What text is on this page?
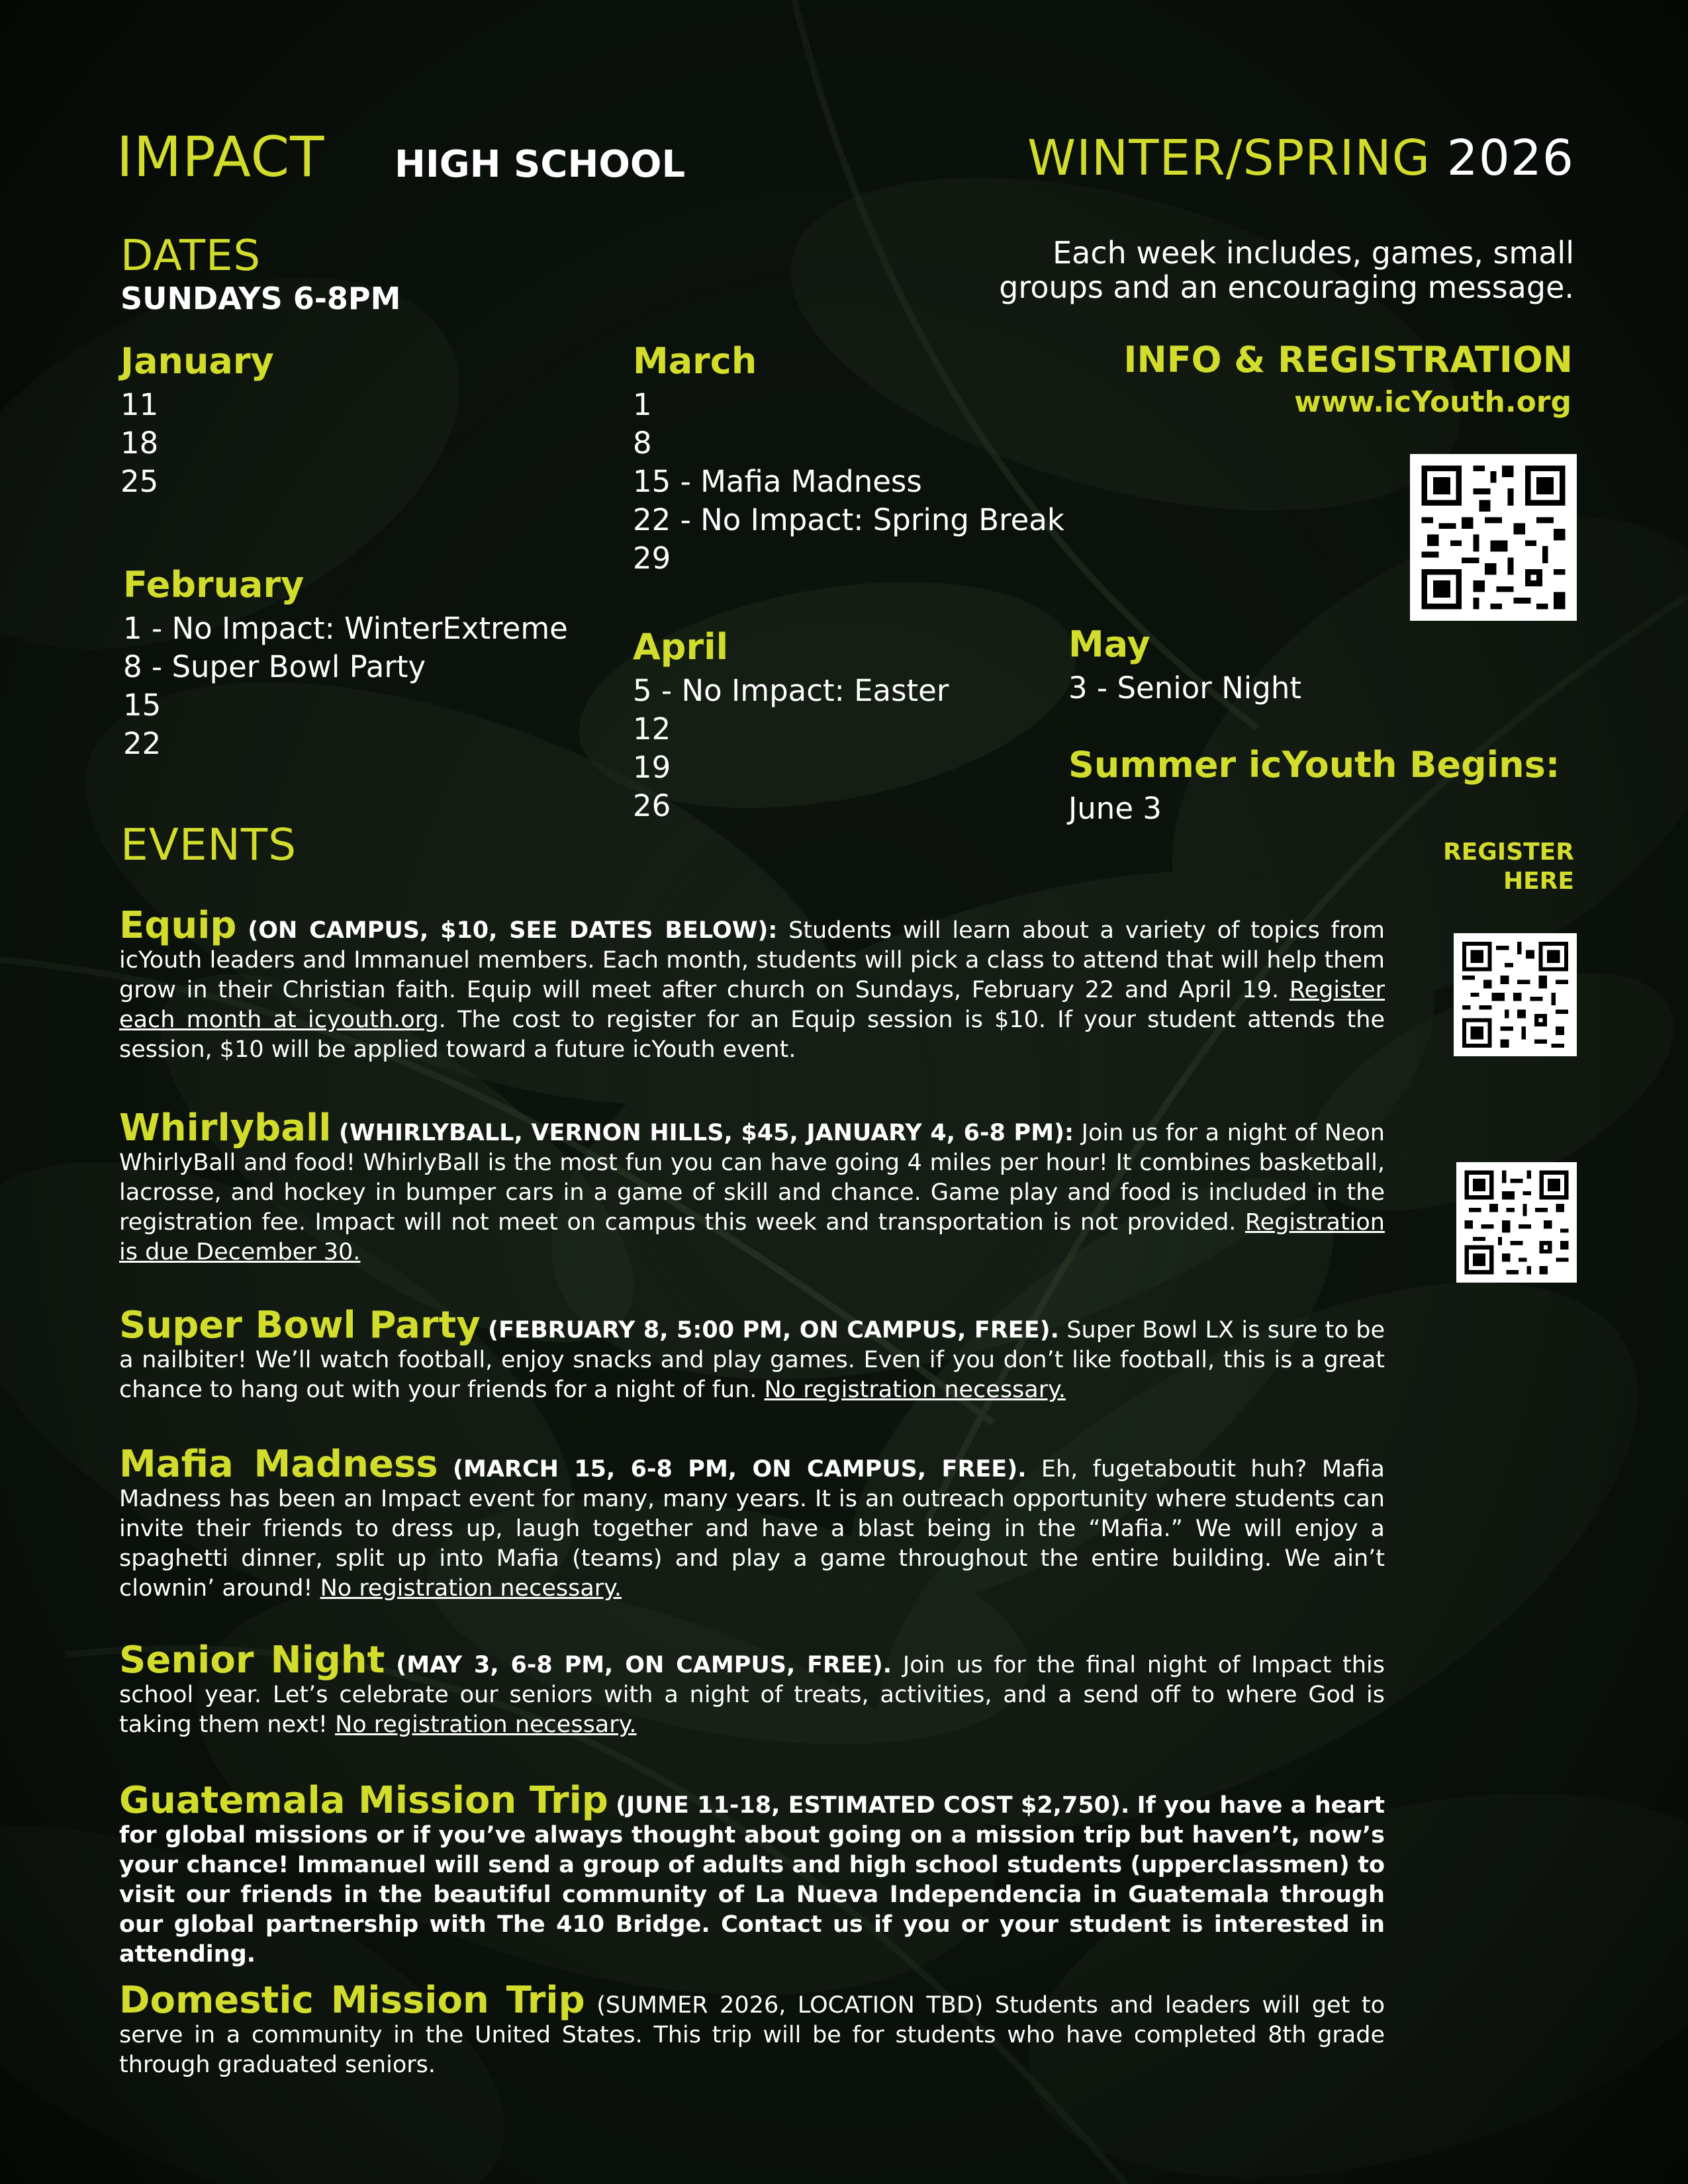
IMPACT HIGH SCHOOL	WINTER/SPRING 2026
DATES
SUNDAYS 6-8PM
Each week includes, games, small
groups and an encouraging message.
INFO & REGISTRATION
www.icYouth.org
January
11
18
25
February
1 - No Impact: WinterExtreme
8 - Super Bowl Party
15
22
March
1
8
15 - Mafia Madness
22 - No Impact: Spring Break
29
April
5 - No Impact: Easter
12
19
26
May
3 - Senior Night
Summer icYouth Begins:
June 3
EVENTS	REGISTER
HERE
Equip (ON CAMPUS, $10, SEE DATES BELOW): Students will learn about a variety of topics from icYouth leaders and Immanuel members. Each month, students will pick a class to attend that will help them grow in their Christian faith. Equip will meet after church on Sundays, February 22 and April 19. Register each month at icyouth.org. The cost to register for an Equip session is $10. If your student attends the session, $10 will be applied toward a future icYouth event.
Whirlyball (WHIRLYBALL, VERNON HILLS, $45, JANUARY 4, 6-8 PM): Join us for a night of Neon WhirlyBall and food! WhirlyBall is the most fun you can have going 4 miles per hour! It combines basketball, lacrosse, and hockey in bumper cars in a game of skill and chance. Game play and food is included in the registration fee. Impact will not meet on campus this week and transportation is not provided. Registration is due December 30.
Super Bowl Party (FEBRUARY 8, 5:00 PM, ON CAMPUS, FREE). Super Bowl LX is sure to be a nailbiter! We’ll watch football, enjoy snacks and play games. Even if you don’t like football, this is a great chance to hang out with your friends for a night of fun. No registration necessary.
Mafia Madness (MARCH 15, 6-8 PM, ON CAMPUS, FREE). Eh, fugetaboutit huh? Mafia Madness has been an Impact event for many, many years. It is an outreach opportunity where students can invite their friends to dress up, laugh together and have a blast being in the “Mafia.” We will enjoy a spaghetti dinner, split up into Mafia (teams) and play a game throughout the entire building. We ain’t clownin’ around! No registration necessary.
Senior Night (MAY 3, 6-8 PM, ON CAMPUS, FREE). Join us for the final night of Impact this school year. Let’s celebrate our seniors with a night of treats, activities, and a send off to where God is taking them next! No registration necessary.
Guatemala Mission Trip (JUNE 11-18, ESTIMATED COST $2,750). If you have a heart for global missions or if you’ve always thought about going on a mission trip but haven’t, now’s your chance! Immanuel will send a group of adults and high school students (upperclassmen) to visit our friends in the beautiful community of La Nueva Independencia in Guatemala through our global partnership with The 410 Bridge. Contact us if you or your student is interested in attending.
Domestic Mission Trip (SUMMER 2026, LOCATION TBD) Students and leaders will get to serve in a community in the United States. This trip will be for students who have completed 8th grade through graduated seniors.
